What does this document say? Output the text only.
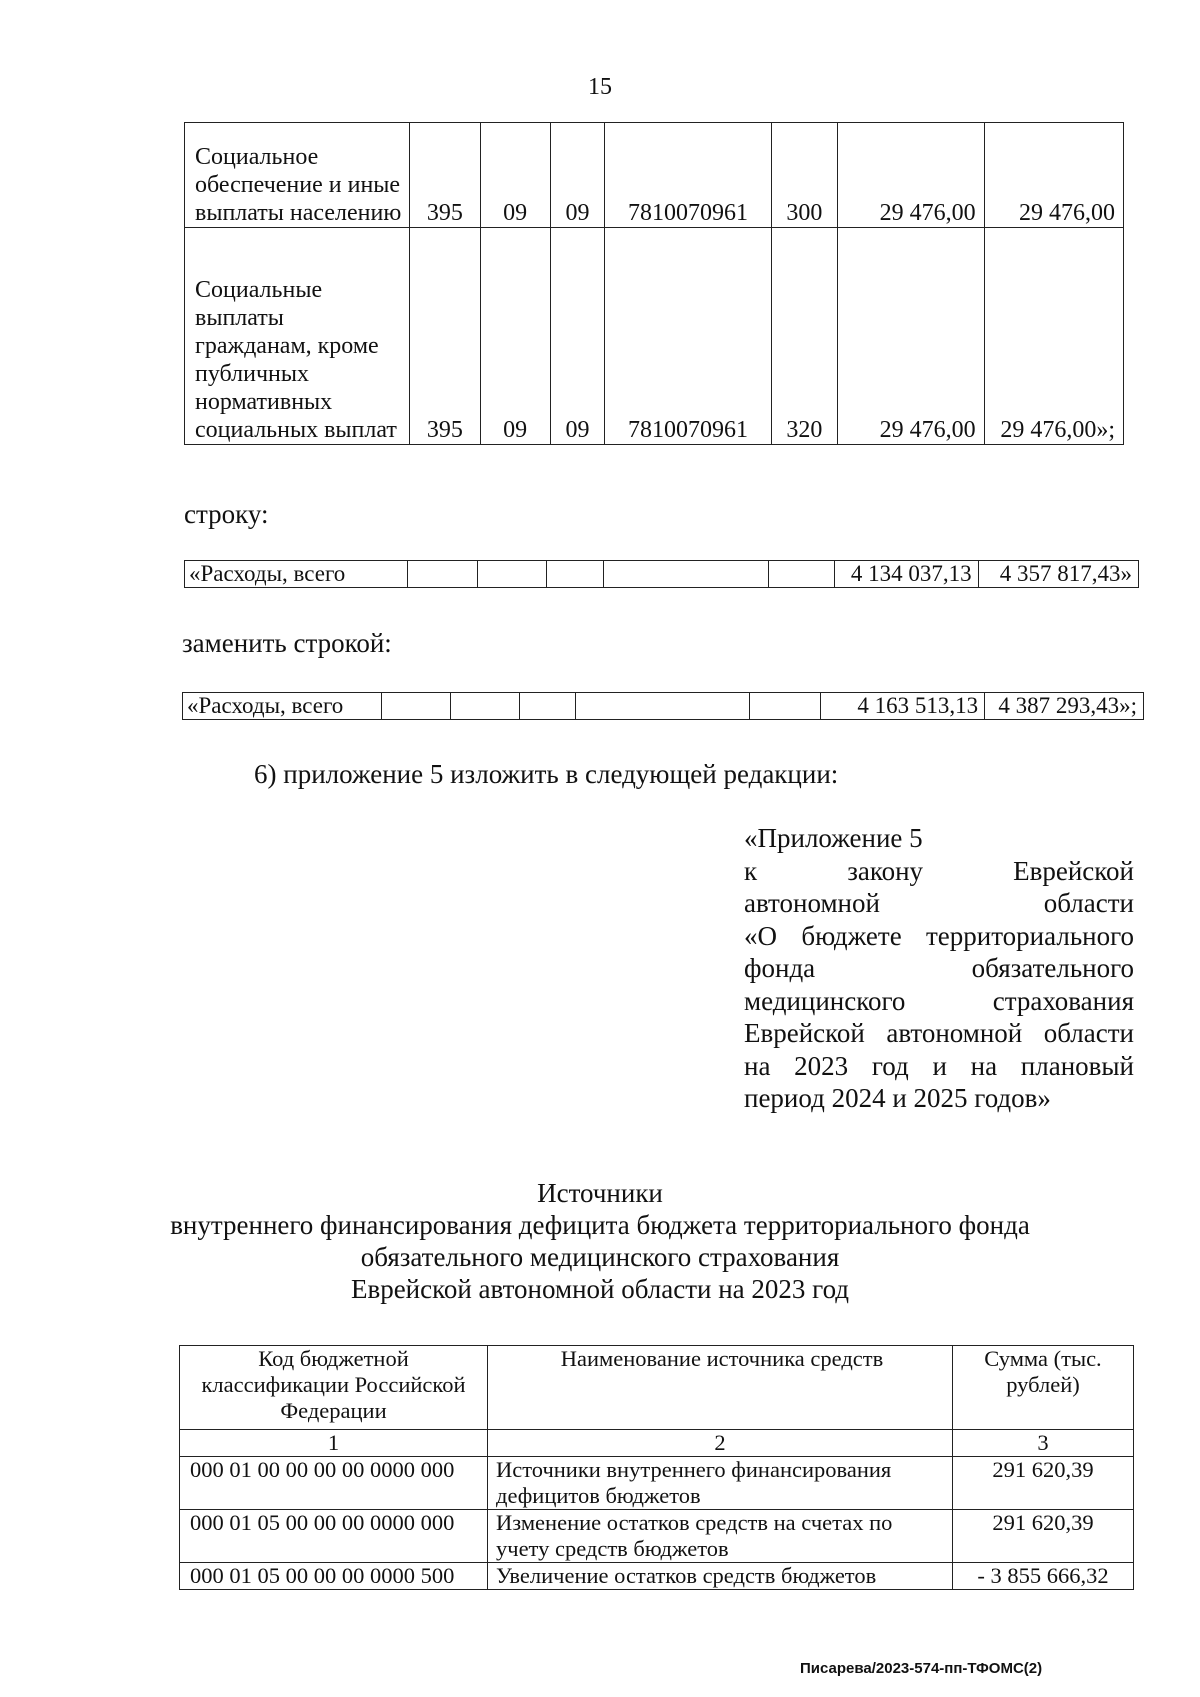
15
Социальное обеспечение и иные выплаты населению	395	09	09	7810070961	300	29 476,00	29 476,00
Социальные выплаты гражданам, кроме публичных нормативных социальных выплат	395	09	09	7810070961	320	29 476,00	29 476,00»;
строку:
«Расходы, всего						4 134 037,13	4 357 817,43»
заменить строкой:
«Расходы, всего						4 163 513,13	4 387 293,43»;
6) приложение 5 изложить в следующей редакции:

«Приложение 5

к закону Еврейской

автономной области

«О бюджете территориального

фонда обязательного

медицинского страхования

Еврейской автономной области

на 2023 год и на плановый

период 2024 и 2025 годов»

Источники
внутреннего финансирования дефицита бюджета территориального фонда
обязательного медицинского страхования
Еврейской автономной области на 2023 год
Код бюджетной классификации Российской Федерации	Наименование источника средств	Сумма (тыс. рублей)
1	2	3
000 01 00 00 00 00 0000 000	Источники внутреннего финансирования дефицитов бюджетов	291 620,39
000 01 05 00 00 00 0000 000	Изменение остатков средств на счетах по учету средств бюджетов	291 620,39
000 01 05 00 00 00 0000 500	Увеличение остатков средств бюджетов	- 3 855 666,32
Писарева/2023-574-пп-ТФОМС(2)
